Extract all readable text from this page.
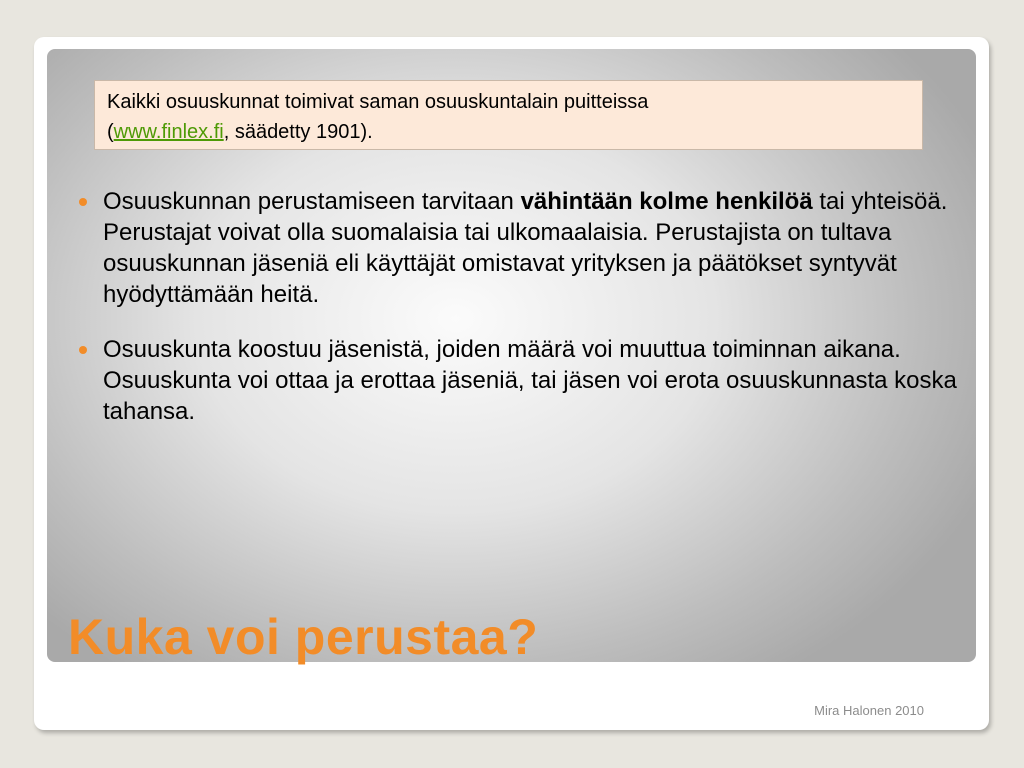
Kaikki osuuskunnat toimivat saman osuuskuntalain puitteissa
(www.finlex.fi, säädetty 1901).
Osuuskunnan perustamiseen tarvitaan vähintään kolme henkilöä tai yhteisöä. Perustajat voivat olla suomalaisia tai ulkomaalaisia. Perustajista on tultava osuuskunnan jäseniä eli käyttäjät omistavat yrityksen ja päätökset syntyvät hyödyttämään heitä.
Osuuskunta koostuu jäsenistä, joiden määrä voi muuttua toiminnan aikana. Osuuskunta voi ottaa ja erottaa jäseniä, tai jäsen voi erota osuuskunnasta koska tahansa.
Kuka voi perustaa?
Mira Halonen 2010
